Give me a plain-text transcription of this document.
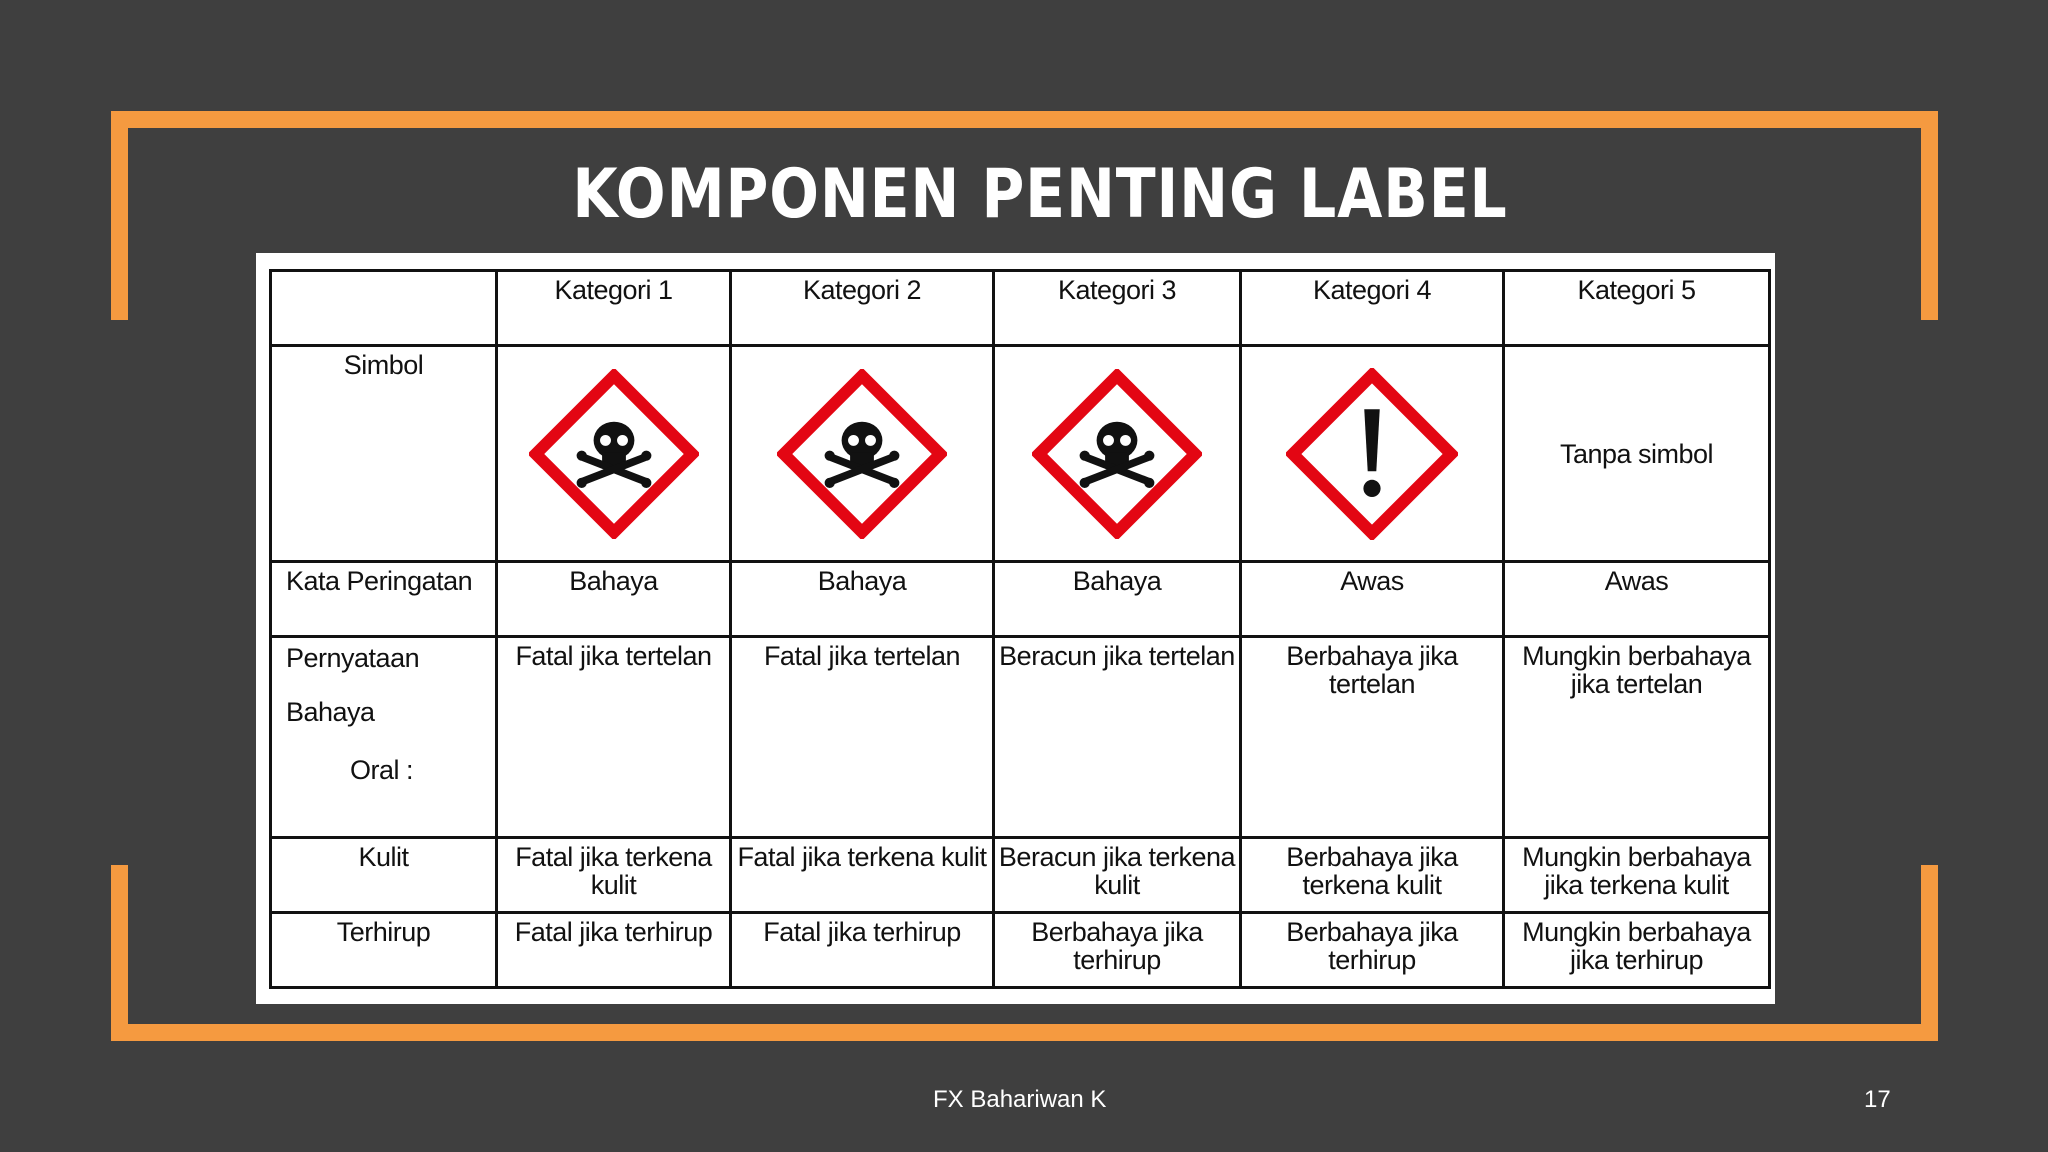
KOMPONEN PENTING LABEL
	Kategori 1	Kategori 2	Kategori 3	Kategori 4	Kategori 5
Simbol					Tanpa simbol
Kata Peringatan	Bahaya	Bahaya	Bahaya	Awas	Awas

Pernyataan
Bahaya
Oral :	Fatal jika tertelan	Fatal jika tertelan	Beracun jika tertelan	Berbahaya jika tertelan	Mungkin berbahaya jika tertelan
Kulit	Fatal jika terkena kulit	Fatal jika terkena kulit	Beracun jika terkena kulit	Berbahaya jika terkena kulit	Mungkin berbahaya jika terkena kulit
Terhirup	Fatal jika terhirup	Fatal jika terhirup	Berbahaya jika terhirup	Berbahaya jika terhirup	Mungkin berbahaya jika terhirup
FX Bahariwan K	17
